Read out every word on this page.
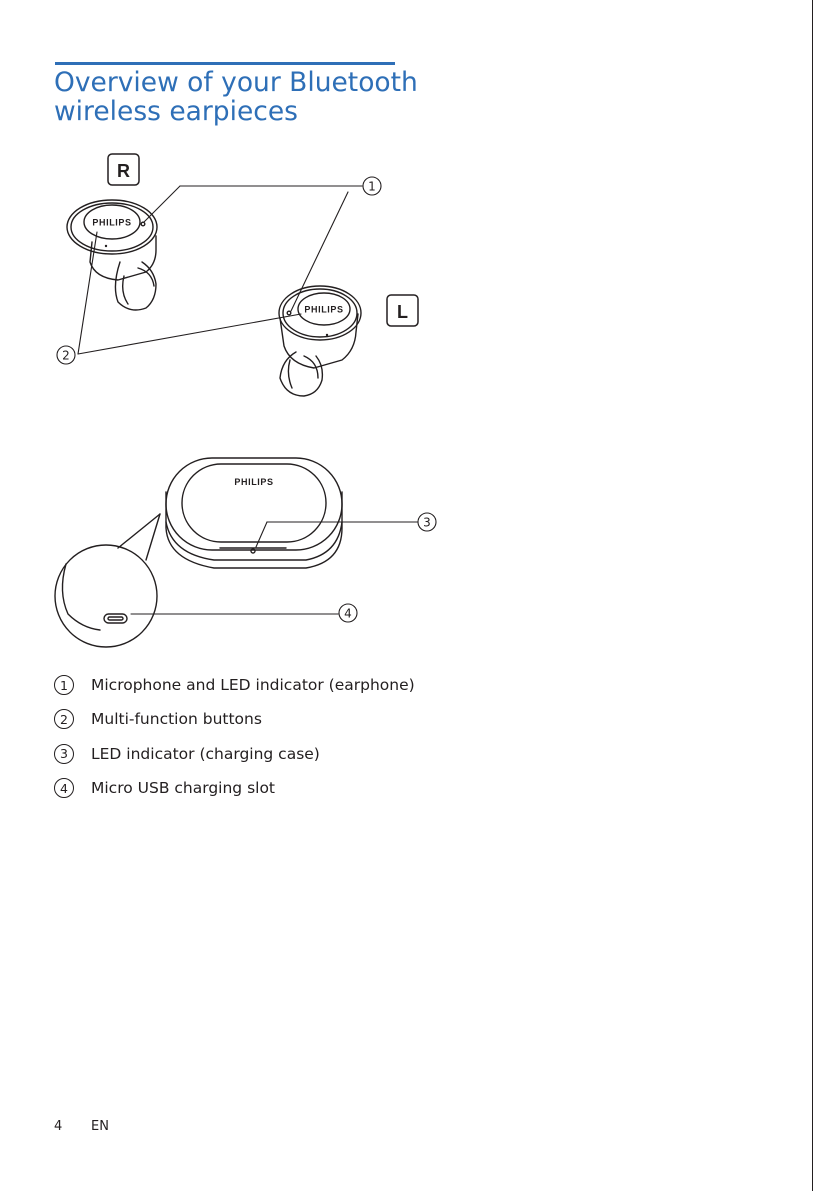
Overview of your Bluetooth
wireless earpieces
R
PHILIPS
PHILIPS	L
1
2
PHILIPS
3
4
1	Microphone and LED indicator (earphone)
2	Multi-function buttons
3	LED indicator (charging case)
4	Micro USB charging slot
4 EN
